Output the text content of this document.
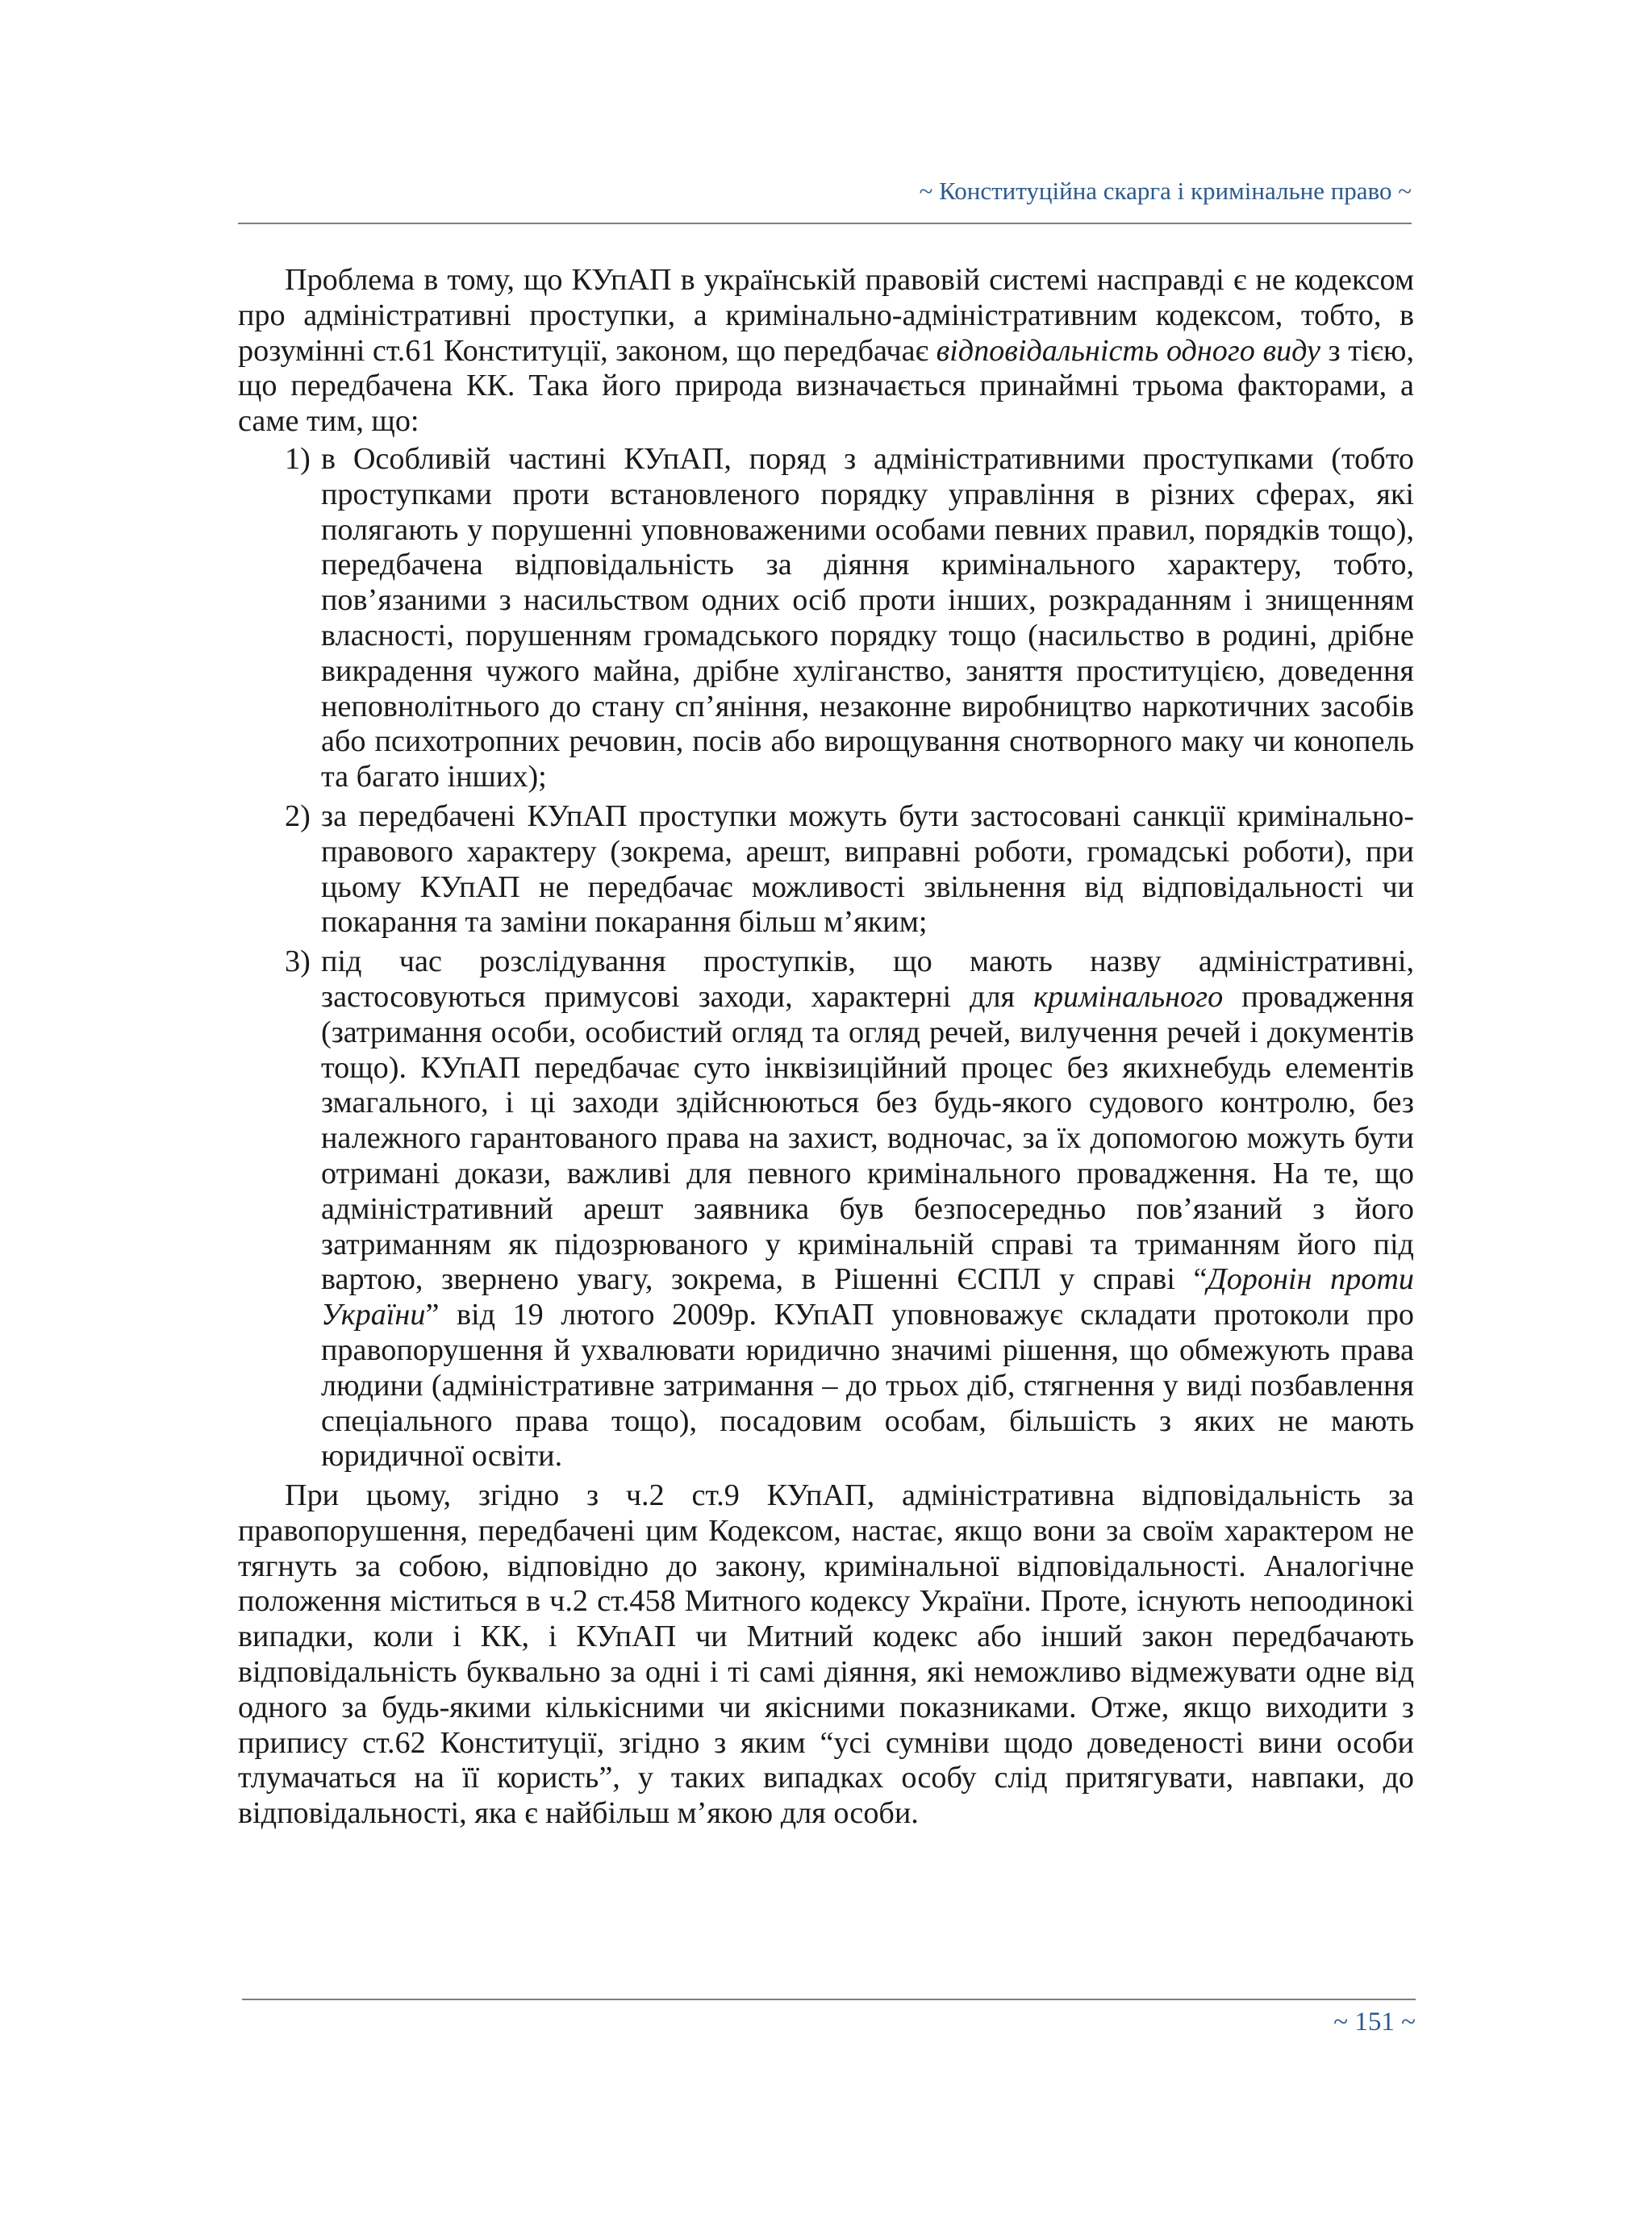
~ Конституційна скарга і кримінальне право ~

Проблема в тому, що КУпАП в українській правовій системі насправді є не кодексом про адміністративні проступки, а кримінально-адміністративним кодексом, тобто, в розумінні ст.61 Конституції, законом, що передбачає відповідальність одного виду з тією, що передбачена КК. Така його природа визначається принаймні трьома факторами, а саме тим, що:

1) в Особливій частині КУпАП, поряд з адміністративними проступками (тобто проступками проти встановленого порядку управління в різних сферах, які полягають у порушенні уповноваженими особами певних правил, порядків тощо), передбачена відповідальність за діяння кримінального характеру, тобто, пов’язаними з насильством одних осіб проти інших, розкраданням і знищенням власності, порушенням громадського порядку тощо (насильство в родині, дрібне викрадення чужого майна, дрібне хуліганство, заняття проституцією, доведення неповнолітнього до стану сп’яніння, незаконне виробництво наркотичних засобів або психотропних речовин, посів або вирощування снотворного маку чи конопель та багато інших);
2) за передбачені КУпАП проступки можуть бути застосовані санкції кримінально-правового характеру (зокрема, арешт, виправні роботи, громадські роботи), при цьому КУпАП не передбачає можливості звільнення від відповідальності чи покарання та заміни покарання більш м’яким;
3) під час розслідування проступків, що мають назву адміністративні, застосовуються примусові заходи, характерні для кримінального провадження (затримання особи, особистий огляд та огляд речей, вилучення речей і документів тощо). КУпАП передбачає суто інквізиційний процес без якихнебудь елементів змагального, і ці заходи здійснюються без будь-якого судового контролю, без належного гарантованого права на захист, водночас, за їх допомогою можуть бути отримані докази, важливі для певного кримінального провадження. На те, що адміністративний арешт заявника був безпосередньо пов’язаний з його затриманням як підозрюваного у кримінальній справі та триманням його під вартою, звернено увагу, зокрема, в Рішенні ЄСПЛ у справі “Доронін проти України” від 19 лютого 2009р. КУпАП уповноважує складати протоколи про правопорушення й ухвалювати юридично значимі рішення, що обмежують права людини (адміністративне затримання – до трьох діб, стягнення у виді позбавлення спеціального права тощо), посадовим особам, більшість з яких не мають юридичної освіти.

При цьому, згідно з ч.2 ст.9 КУпАП, адміністративна відповідальність за правопорушення, передбачені цим Кодексом, настає, якщо вони за своїм характером не тягнуть за собою, відповідно до закону, кримінальної відповідальності. Аналогічне положення міститься в ч.2 ст.458 Митного кодексу України. Проте, існують непоодинокі випадки, коли і КК, і КУпАП чи Митний кодекс або інший закон передбачають відповідальність буквально за одні і ті самі діяння, які неможливо відмежувати одне від одного за будь-якими кількісними чи якісними показниками. Отже, якщо виходити з припису ст.62 Конституції, згідно з яким “усі сумніви щодо доведеності вини особи тлумачаться на її користь”, у таких випадках особу слід притягувати, навпаки, до відповідальності, яка є найбільш м’якою для особи.

~ 151 ~
